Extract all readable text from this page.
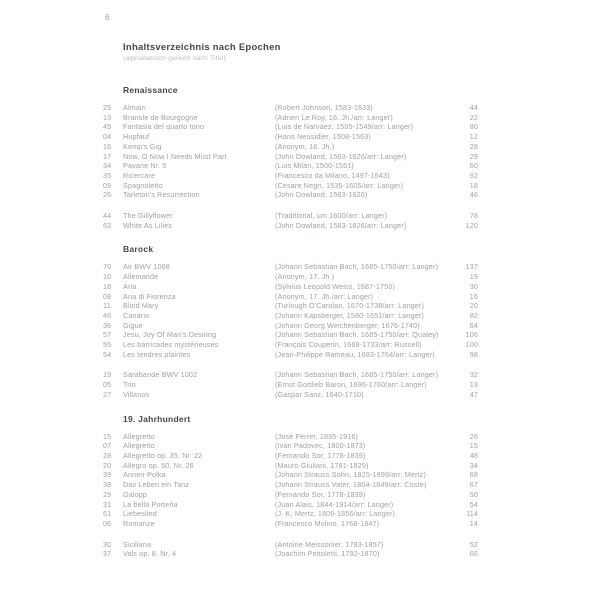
6
Inhaltsverzeichnis nach Epochen
(alphabetisch gereiht nach Titel)
Renaissance
25	Almain	(Robert Johnson, 1583-1633)	44
13	Bransle de Bourgogne	(Adrien Le Roy, 16. Jh./arr: Langer)	22
45	Fantasia del quarto tono	(Luis de Narváez, 1505-1549/arr: Langer)	80
04	Hupfauf	(Hans Neusidler, 1508-1563)	12
16	Kemp's Gig	(Anonym, 16. Jh.)	28
17	Now, O Now I Needs Must Part	(John Dowland, 1563-1626/arr: Langer)	29
34	Pavane Nr. 5	(Luis Milán, 1500-1551)	60
35	Ricercare	(Francesco da Milano, 1497-1543)	62
09	Spagnoletto	(Cesare Negri, 1535-1605/arr: Langer)	18
26	Tarleton's Resurrection	(John Dowland, 1563-1626)	46
44	The Gillyflower	(Traditional, um 1600/arr: Langer)	78
63	White As Lilies	(John Dowland, 1563-1626/arr: Langer)	120
Barock
70	Air BWV 1068	(Johann Sebastian Bach, 1685-1750/arr: Langer)	137
10	Allemande	(Anonym, 17. Jh.)	19
18	Aria	(Sylvius Leopold Weiss, 1687-1750)	30
08	Aria di Fiorenza	(Anonym, 17. Jh./arr: Langer)	16
11	Blind Mary	(Turlough O'Carolan, 1670-1738/arr: Langer)	20
46	Canario	(Johann Kapsberger, 1580-1651/arr: Langer)	82
36	Gigue	(Johann Georg Weichenberger, 1676-1740)	64
57	Jesu, Joy Of Man's Desiring	(Johann Sebastian Bach, 1685-1750/arr: Qualey)	106
55	Les barricades mystérieuses	(François Couperin, 1668-1733/arr: Russell)	100
54	Les tendres plaintes	(Jean-Philippe Rameau, 1683-1764/arr: Langer)	98
19	Sarabande BWV 1002	(Johann Sebastian Bach, 1685-1750/arr: Langer)	32
05	Trio	(Ernst Gottlieb Baron, 1696-1760/arr: Langer)	13
27	Villanos	(Gaspar Sanz, 1640-1710)	47
19. Jahrhundert
15	Allegretto	(José Ferrer, 1835-1916)	26
07	Allegretto	(Ivan Padovec, 1800-1873)	15
28	Allegretto op. 35, Nr. 22	(Fernando Sor, 1778-1839)	48
20	Allegro op. 50, Nr. 26	(Mauro Giuliani, 1781-1829)	34
39	Annen-Polka	(Johann Strauss Sohn, 1825-1899/arr: Mertz)	68
38	Das Leben ein Tanz	(Johann Strauss Vater, 1804-1849/arr: Coste)	67
29	Galopp	(Fernando Sor, 1778-1839)	50
31	La bella Porteña	(Juan Alais, 1844-1914/arr: Langer)	54
61	Liebeslied	(J. K. Mertz, 1806-1856/arr: Langer)	114
06	Romanze	(Francesco Molino, 1768-1847)	14
30	Siciliana	(Antoine Meissonier, 1783-1857)	52
37	Vals op. 8, Nr. 4	(Joachim Pettoletti, 1792-1870)	66
